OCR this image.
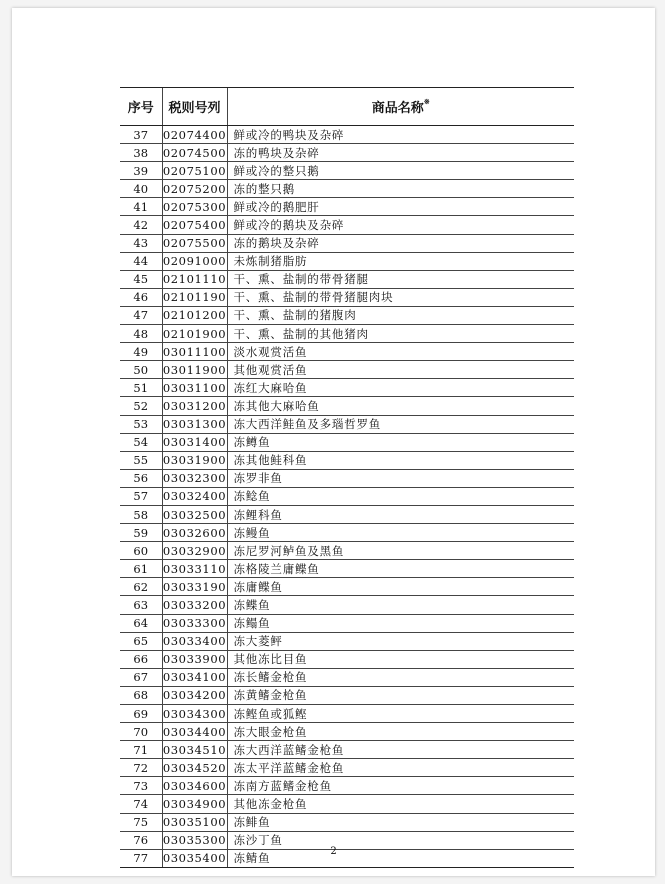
序号	税则号列	商品名称※
37	02074400	鲜或冷的鸭块及杂碎
38	02074500	冻的鸭块及杂碎
39	02075100	鲜或冷的整只鹅
40	02075200	冻的整只鹅
41	02075300	鲜或冷的鹅肥肝
42	02075400	鲜或冷的鹅块及杂碎
43	02075500	冻的鹅块及杂碎
44	02091000	未炼制猪脂肪
45	02101110	干、熏、盐制的带骨猪腿
46	02101190	干、熏、盐制的带骨猪腿肉块
47	02101200	干、熏、盐制的猪腹肉
48	02101900	干、熏、盐制的其他猪肉
49	03011100	淡水观赏活鱼
50	03011900	其他观赏活鱼
51	03031100	冻红大麻哈鱼
52	03031200	冻其他大麻哈鱼
53	03031300	冻大西洋鲑鱼及多瑙哲罗鱼
54	03031400	冻鳟鱼
55	03031900	冻其他鲑科鱼
56	03032300	冻罗非鱼
57	03032400	冻鲶鱼
58	03032500	冻鲤科鱼
59	03032600	冻鳗鱼
60	03032900	冻尼罗河鲈鱼及黑鱼
61	03033110	冻格陵兰庸鲽鱼
62	03033190	冻庸鲽鱼
63	03033200	冻鲽鱼
64	03033300	冻鳎鱼
65	03033400	冻大菱鲆
66	03033900	其他冻比目鱼
67	03034100	冻长鳍金枪鱼
68	03034200	冻黄鳍金枪鱼
69	03034300	冻鲣鱼或狐鲣
70	03034400	冻大眼金枪鱼
71	03034510	冻大西洋蓝鳍金枪鱼
72	03034520	冻太平洋蓝鳍金枪鱼
73	03034600	冻南方蓝鳍金枪鱼
74	03034900	其他冻金枪鱼
75	03035100	冻鲱鱼
76	03035300	冻沙丁鱼
77	03035400	冻鲭鱼	2
